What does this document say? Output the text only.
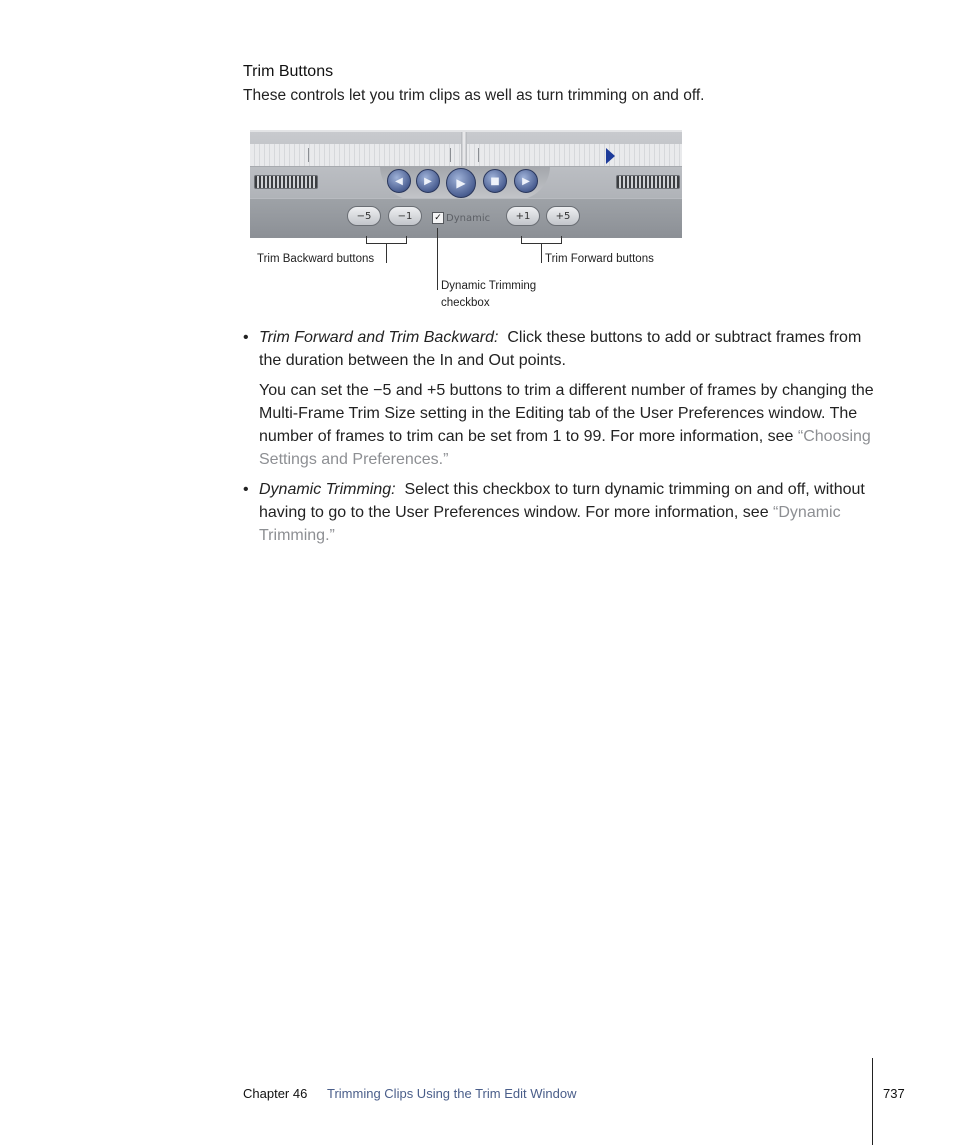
Trim Buttons
These controls let you trim clips as well as turn trimming on and off.
◀	▶	▶	■	▶
−5	−1	✓ Dynamic	+1	+5
Trim Backward buttons	Trim Forward buttons
Dynamic Trimming
checkbox
• Trim Forward and Trim Backward: Click these buttons to add or subtract frames from the duration between the In and Out points.
You can set the −5 and +5 buttons to trim a different number of frames by changing the Multi-Frame Trim Size setting in the Editing tab of the User Preferences window. The number of frames to trim can be set from 1 to 99. For more information, see “Choosing Settings and Preferences.”
• Dynamic Trimming: Select this checkbox to turn dynamic trimming on and off, without having to go to the User Preferences window. For more information, see “Dynamic Trimming.”
Chapter 46 Trimming Clips Using the Trim Edit Window	737
